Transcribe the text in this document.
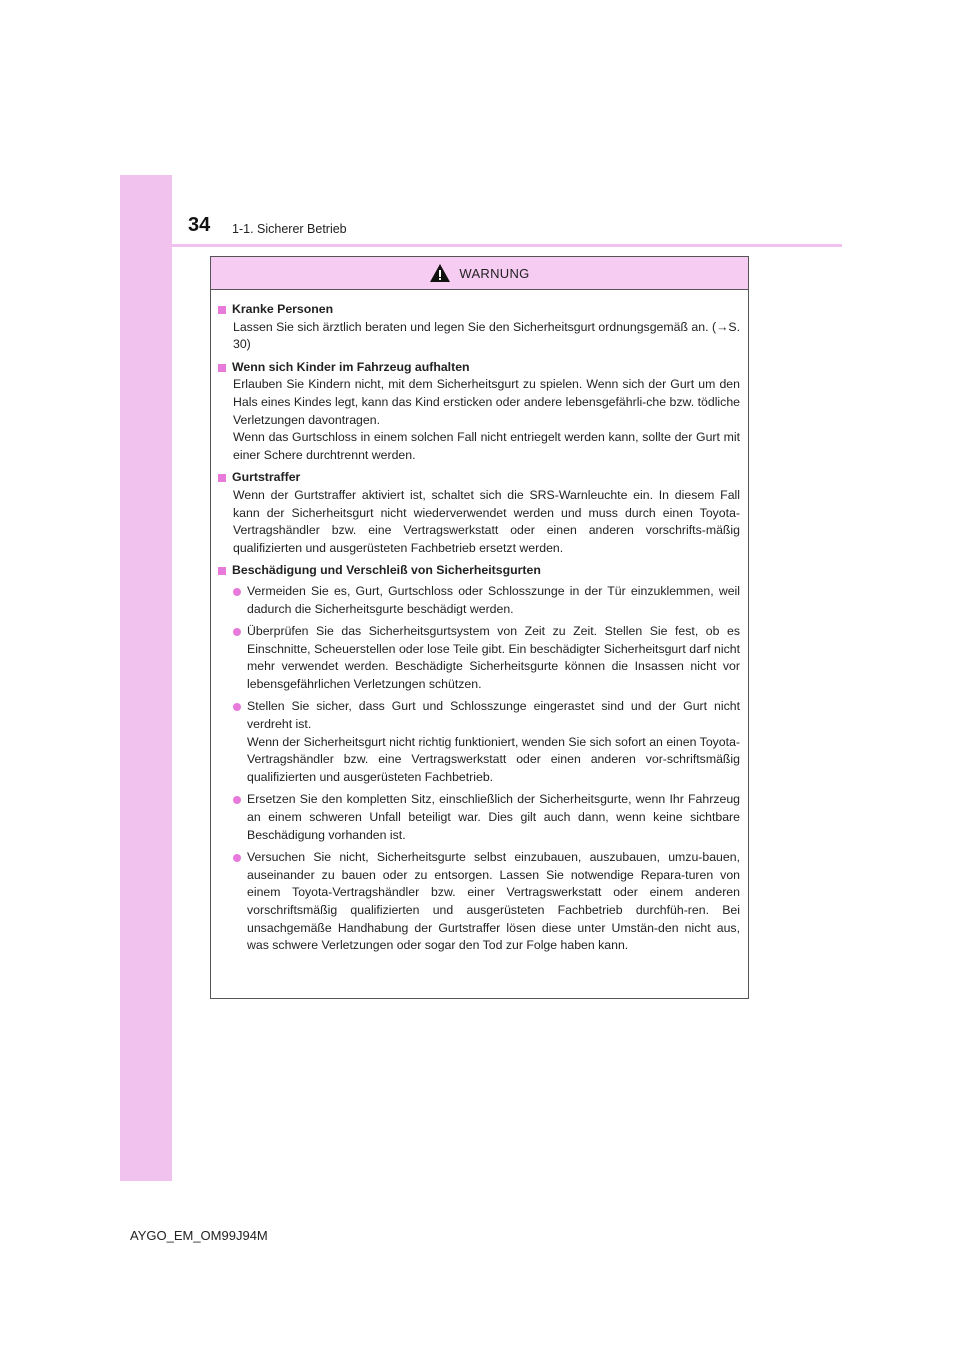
34 1-1. Sicherer Betrieb
WARNUNG
Kranke Personen
Lassen Sie sich ärztlich beraten und legen Sie den Sicherheitsgurt ordnungsgemäß an. (→S. 30)
Wenn sich Kinder im Fahrzeug aufhalten
Erlauben Sie Kindern nicht, mit dem Sicherheitsgurt zu spielen. Wenn sich der Gurt um den Hals eines Kindes legt, kann das Kind ersticken oder andere lebensgefährli-che bzw. tödliche Verletzungen davontragen.
Wenn das Gurtschloss in einem solchen Fall nicht entriegelt werden kann, sollte der Gurt mit einer Schere durchtrennt werden.
Gurtstraffer
Wenn der Gurtstraffer aktiviert ist, schaltet sich die SRS-Warnleuchte ein. In diesem Fall kann der Sicherheitsgurt nicht wiederverwendet werden und muss durch einen Toyota-Vertragshändler bzw. eine Vertragswerkstatt oder einen anderen vorschrifts-mäßig qualifizierten und ausgerüsteten Fachbetrieb ersetzt werden.
Beschädigung und Verschleiß von Sicherheitsgurten
Vermeiden Sie es, Gurt, Gurtschloss oder Schlosszunge in der Tür einzuklemmen, weil dadurch die Sicherheitsgurte beschädigt werden.
Überprüfen Sie das Sicherheitsgurtsystem von Zeit zu Zeit. Stellen Sie fest, ob es Einschnitte, Scheuerstellen oder lose Teile gibt. Ein beschädigter Sicherheitsgurt darf nicht mehr verwendet werden. Beschädigte Sicherheitsgurte können die Insassen nicht vor lebensgefährlichen Verletzungen schützen.
Stellen Sie sicher, dass Gurt und Schlosszunge eingerastet sind und der Gurt nicht verdreht ist.
Wenn der Sicherheitsgurt nicht richtig funktioniert, wenden Sie sich sofort an einen Toyota-Vertragshändler bzw. eine Vertragswerkstatt oder einen anderen vor-schriftsmäßig qualifizierten und ausgerüsteten Fachbetrieb.
Ersetzen Sie den kompletten Sitz, einschließlich der Sicherheitsgurte, wenn Ihr Fahrzeug an einem schweren Unfall beteiligt war. Dies gilt auch dann, wenn keine sichtbare Beschädigung vorhanden ist.
Versuchen Sie nicht, Sicherheitsgurte selbst einzubauen, auszubauen, umzu-bauen, auseinander zu bauen oder zu entsorgen. Lassen Sie notwendige Repara-turen von einem Toyota-Vertragshändler bzw. einer Vertragswerkstatt oder einem anderen vorschriftsmäßig qualifizierten und ausgerüsteten Fachbetrieb durchfüh-ren. Bei unsachgemäße Handhabung der Gurtstraffer lösen diese unter Umstän-den nicht aus, was schwere Verletzungen oder sogar den Tod zur Folge haben kann.
AYGO_EM_OM99J94M
